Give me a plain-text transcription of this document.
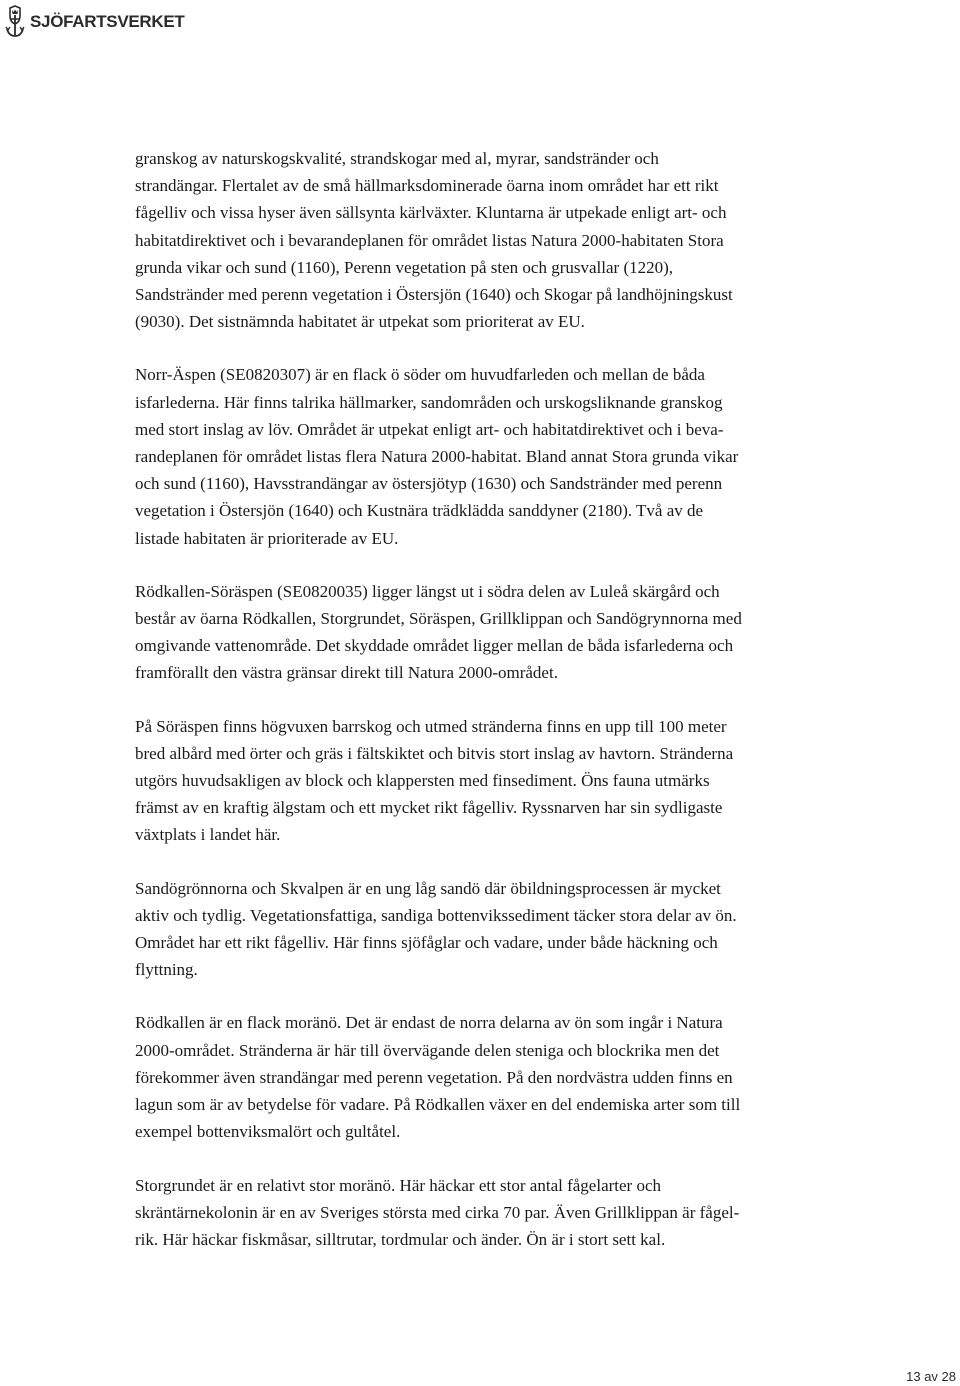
SJÖFARTSVERKET

granskog av naturskogskvalité, strandskogar med al, myrar, sandstränder och
strandängar. Flertalet av de små hällmarksdominerade öarna inom området har ett rikt
fågelliv och vissa hyser även sällsynta kärlväxter. Kluntarna är utpekade enligt art- och
habitatdirektivet och i bevarandeplanen för området listas Natura 2000-habitaten Stora
grunda vikar och sund (1160), Perenn vegetation på sten och grusvallar (1220),
Sandstränder med perenn vegetation i Östersjön (1640) och Skogar på landhöjningskust
(9030). Det sistnämnda habitatet är utpekat som prioriterat av EU.

Norr-Äspen (SE0820307) är en flack ö söder om huvudfarleden och mellan de båda
isfarlederna. Här finns talrika hällmarker, sandområden och urskogsliknande granskog
med stort inslag av löv. Området är utpekat enligt art- och habitatdirektivet och i beva-
randeplanen för området listas flera Natura 2000-habitat. Bland annat Stora grunda vikar
och sund (1160), Havsstrandängar av östersjötyp (1630) och Sandstränder med perenn
vegetation i Östersjön (1640) och Kustnära trädklädda sanddyner (2180). Två av de
listade habitaten är prioriterade av EU.

Rödkallen-Söräspen (SE0820035) ligger längst ut i södra delen av Luleå skärgård och
består av öarna Rödkallen, Storgrundet, Söräspen, Grillklippan och Sandögrynnorna med
omgivande vattenområde. Det skyddade området ligger mellan de båda isfarlederna och
framförallt den västra gränsar direkt till Natura 2000-området.

På Söräspen finns högvuxen barrskog och utmed stränderna finns en upp till 100 meter
bred albård med örter och gräs i fältskiktet och bitvis stort inslag av havtorn. Stränderna
utgörs huvudsakligen av block och klappersten med finsediment. Öns fauna utmärks
främst av en kraftig älgstam och ett mycket rikt fågelliv. Ryssnarven har sin sydligaste
växtplats i landet här.

Sandögrönnorna och Skvalpen är en ung låg sandö där öbildningsprocessen är mycket
aktiv och tydlig. Vegetationsfattiga, sandiga bottenvikssediment täcker stora delar av ön.
Området har ett rikt fågelliv. Här finns sjöfåglar och vadare, under både häckning och
flyttning.

Rödkallen är en flack moränö. Det är endast de norra delarna av ön som ingår i Natura
2000-området. Stränderna är här till övervägande delen steniga och blockrika men det
förekommer även strandängar med perenn vegetation. På den nordvästra udden finns en
lagun som är av betydelse för vadare. På Rödkallen växer en del endemiska arter som till
exempel bottenviksmalört och gultåtel.

Storgrundet är en relativt stor moränö. Här häckar ett stor antal fågelarter och
skräntärnekolonin är en av Sveriges största med cirka 70 par. Även Grillklippan är fågel-
rik. Här häckar fiskmåsar, silltrutar, tordmular och änder. Ön är i stort sett kal.

13 av 28
